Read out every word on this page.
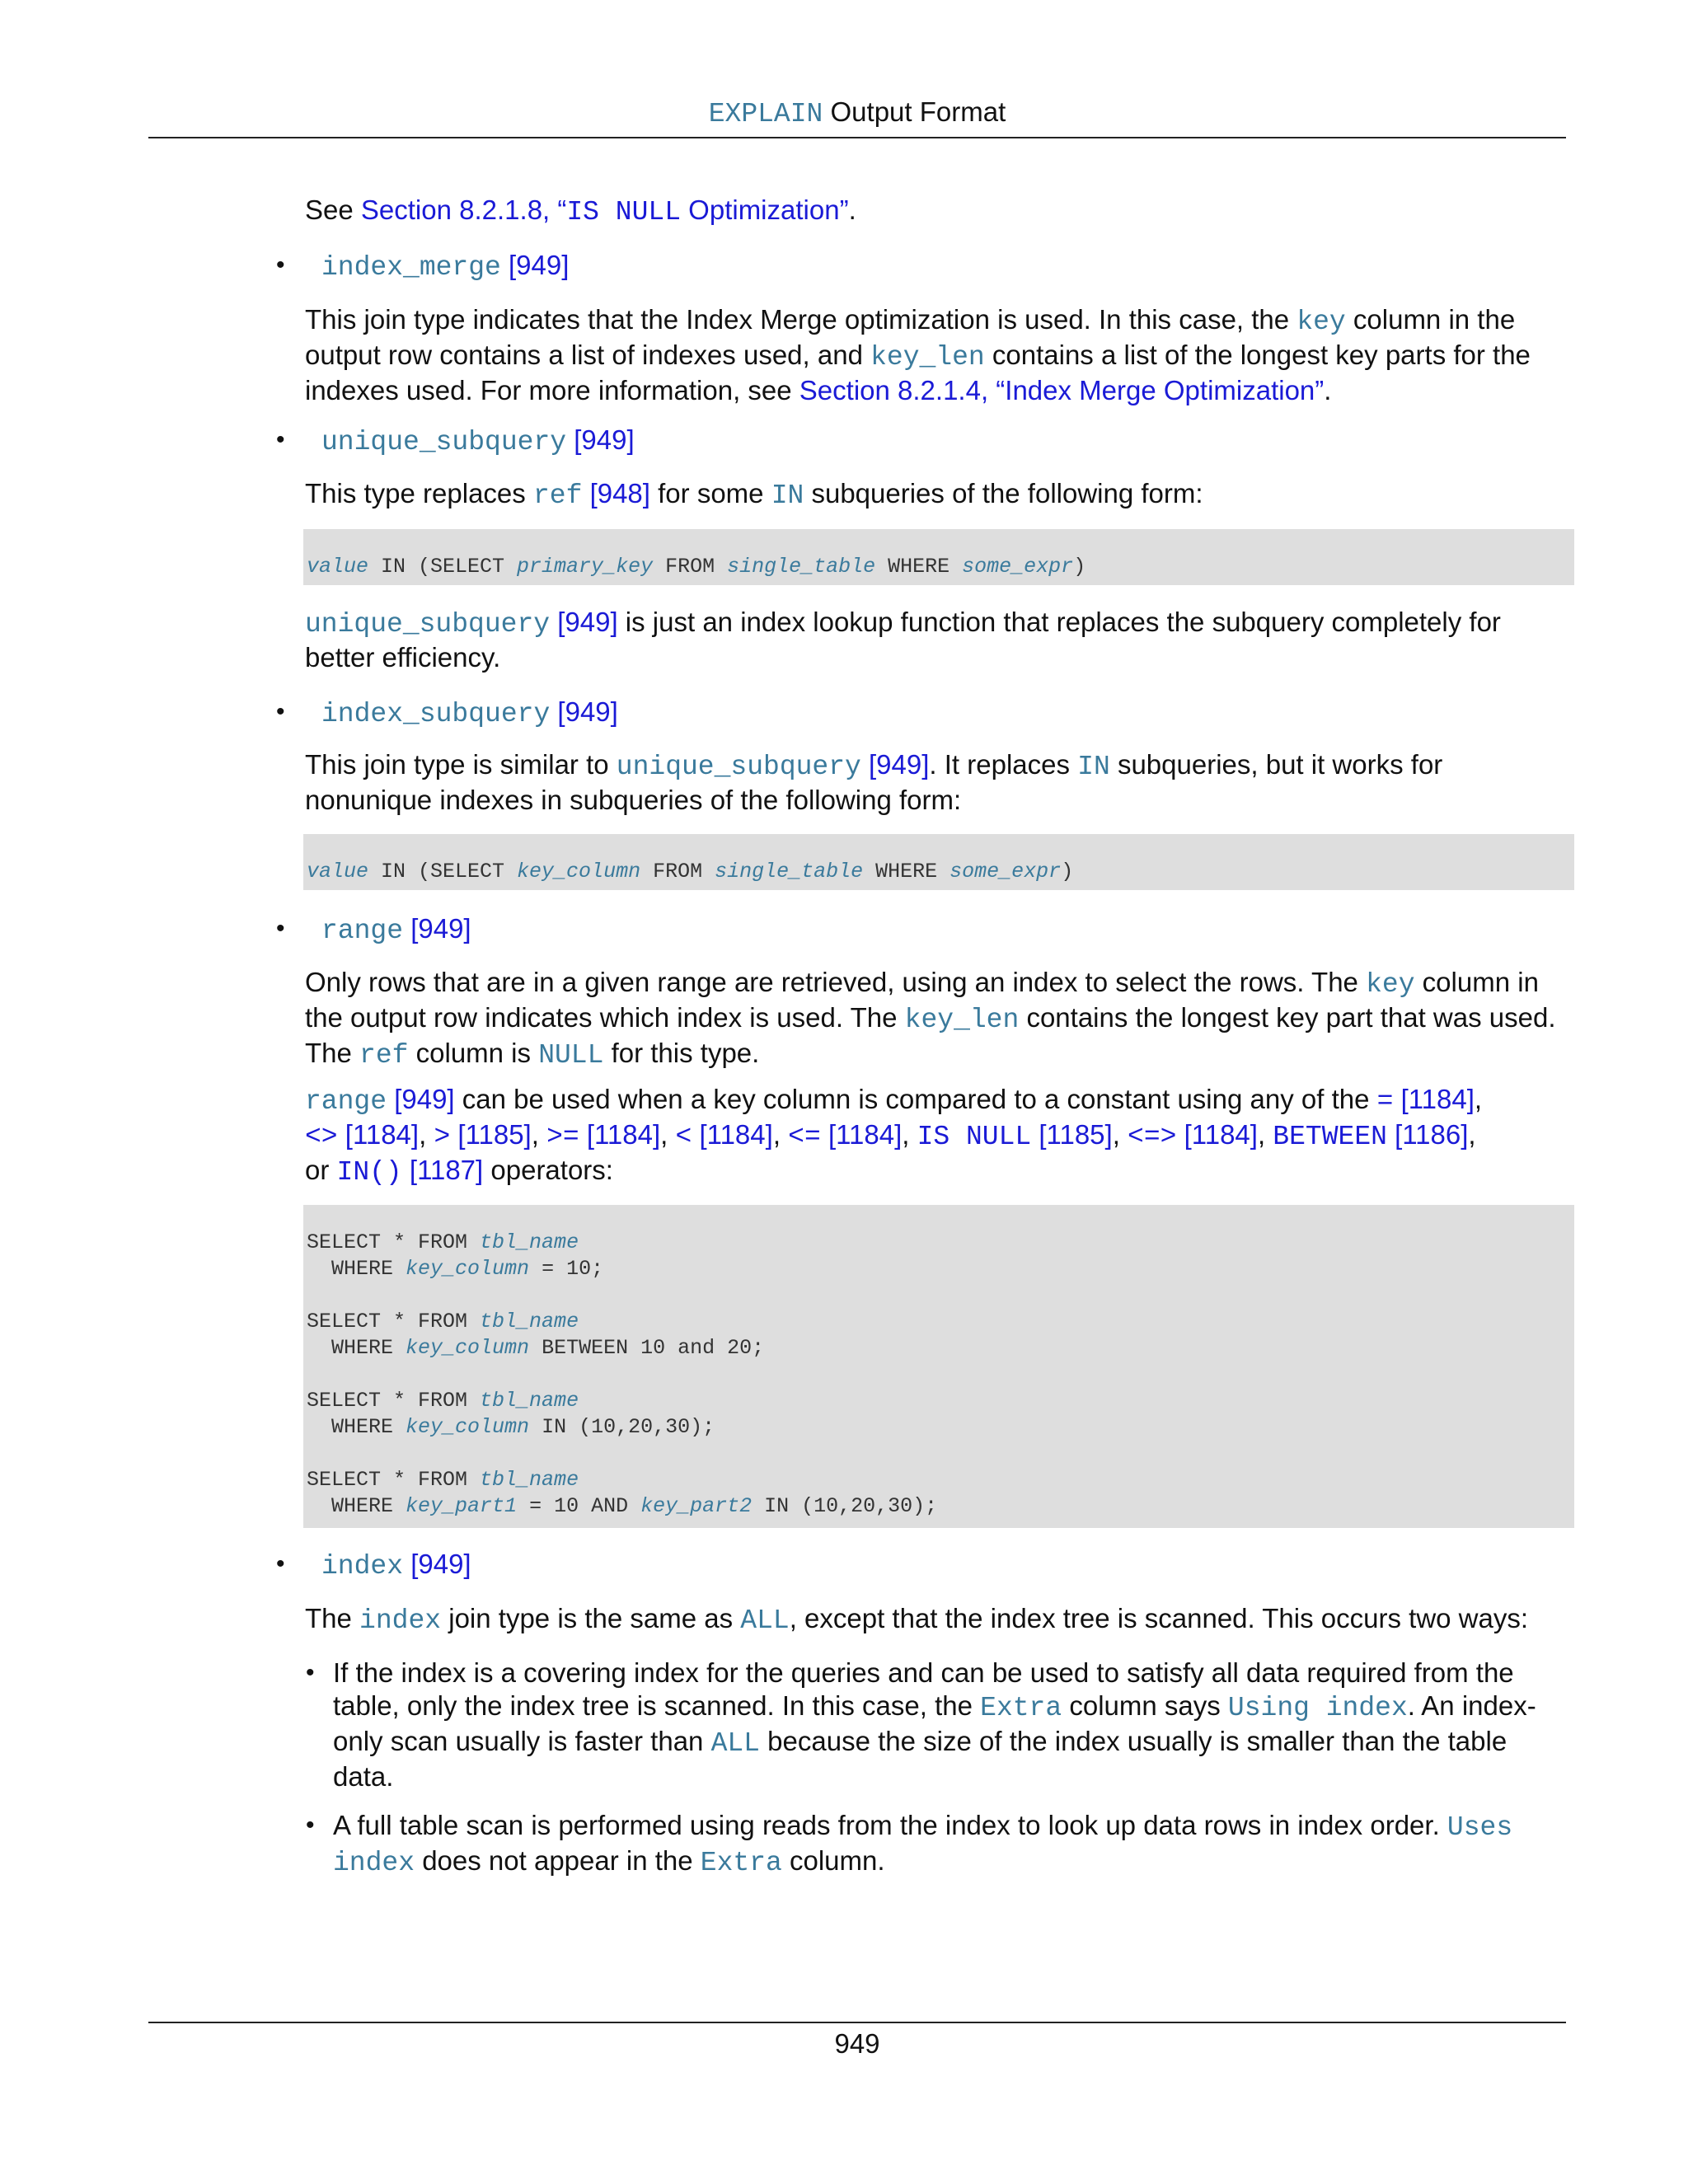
EXPLAIN Output Format

See Section 8.2.1.8, “IS NULL Optimization”.

• index_merge [949]

This join type indicates that the Index Merge optimization is used. In this case, the key column in the output row contains a list of indexes used, and key_len contains a list of the longest key parts for the indexes used. For more information, see Section 8.2.1.4, “Index Merge Optimization”.

• unique_subquery [949]

This type replaces ref [948] for some IN subqueries of the following form:

value IN (SELECT primary_key FROM single_table WHERE some_expr)

unique_subquery [949] is just an index lookup function that replaces the subquery completely for better efficiency.

• index_subquery [949]

This join type is similar to unique_subquery [949]. It replaces IN subqueries, but it works for nonunique indexes in subqueries of the following form:

value IN (SELECT key_column FROM single_table WHERE some_expr)
• range [949]

Only rows that are in a given range are retrieved, using an index to select the rows. The key column in the output row indicates which index is used. The key_len contains the longest key part that was used. The ref column is NULL for this type.

range [949] can be used when a key column is compared to a constant using any of the = [1184],
<> [1184], > [1185], >= [1184], < [1184], <= [1184], IS NULL [1185], <=> [1184], BETWEEN [1186],
or IN() [1187] operators:

SELECT * FROM tbl_name
WHERE key_column = 10;
SELECT * FROM tbl_name
WHERE key_column BETWEEN 10 and 20;
SELECT * FROM tbl_name
WHERE key_column IN (10,20,30);
SELECT * FROM tbl_name
WHERE key_part1 = 10 AND key_part2 IN (10,20,30);
• index [949]

The index join type is the same as ALL, except that the index tree is scanned. This occurs two ways:

• If the index is a covering index for the queries and can be used to satisfy all data required from the table, only the index tree is scanned. In this case, the Extra column says Using index. An index-only scan usually is faster than ALL because the size of the index usually is smaller than the table data.

• A full table scan is performed using reads from the index to look up data rows in index order. Uses index does not appear in the Extra column.

949
